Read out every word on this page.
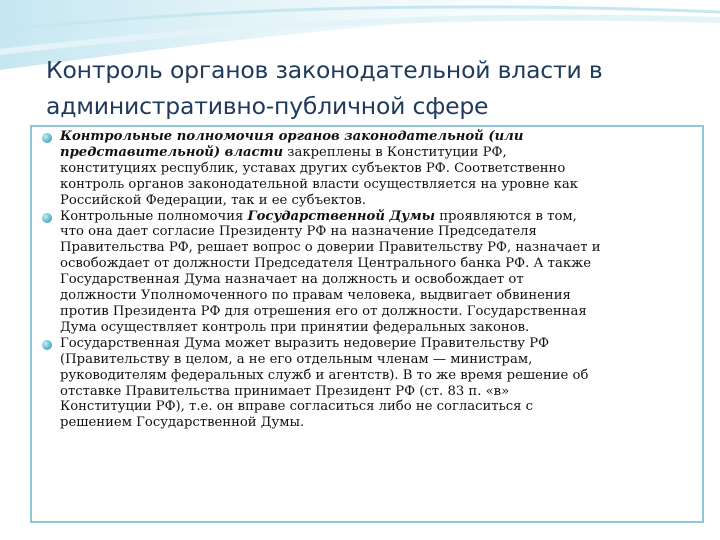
Контроль органов законодательной власти в
административно-публичной сфере

Контрольные полномочия органов законодательной (или
представительной) власти закреплены в Конституции РФ,
конституциях республик, уставах других субъектов РФ. Соответственно
контроль органов законодательной власти осуществляется на уровне как
Российской Федерации, так и ее субъектов.

Контрольные полномочия Государственной Думы проявляются в том,
что она дает согласие Президенту РФ на назначение Председателя
Правительства РФ, решает вопрос о доверии Правительству РФ, назначает и
освобождает от должности Председателя Центрального банка РФ. А также
Государственная Дума назначает на должность и освобождает от
должности Уполномоченного по правам человека, выдвигает обвинения
против Президента РФ для отрешения его от должности. Государственная
Дума осуществляет контроль при принятии федеральных законов.

Государственная Дума может выразить недоверие Правительству РФ
(Правительству в целом, а не его отдельным членам — министрам,
руководителям федеральных служб и агентств). В то же время решение об
отставке Правительства принимает Президент РФ (ст. 83 п. «в»
Конституции РФ), т.е. он вправе согласиться либо не согласиться с
решением Государственной Думы.
